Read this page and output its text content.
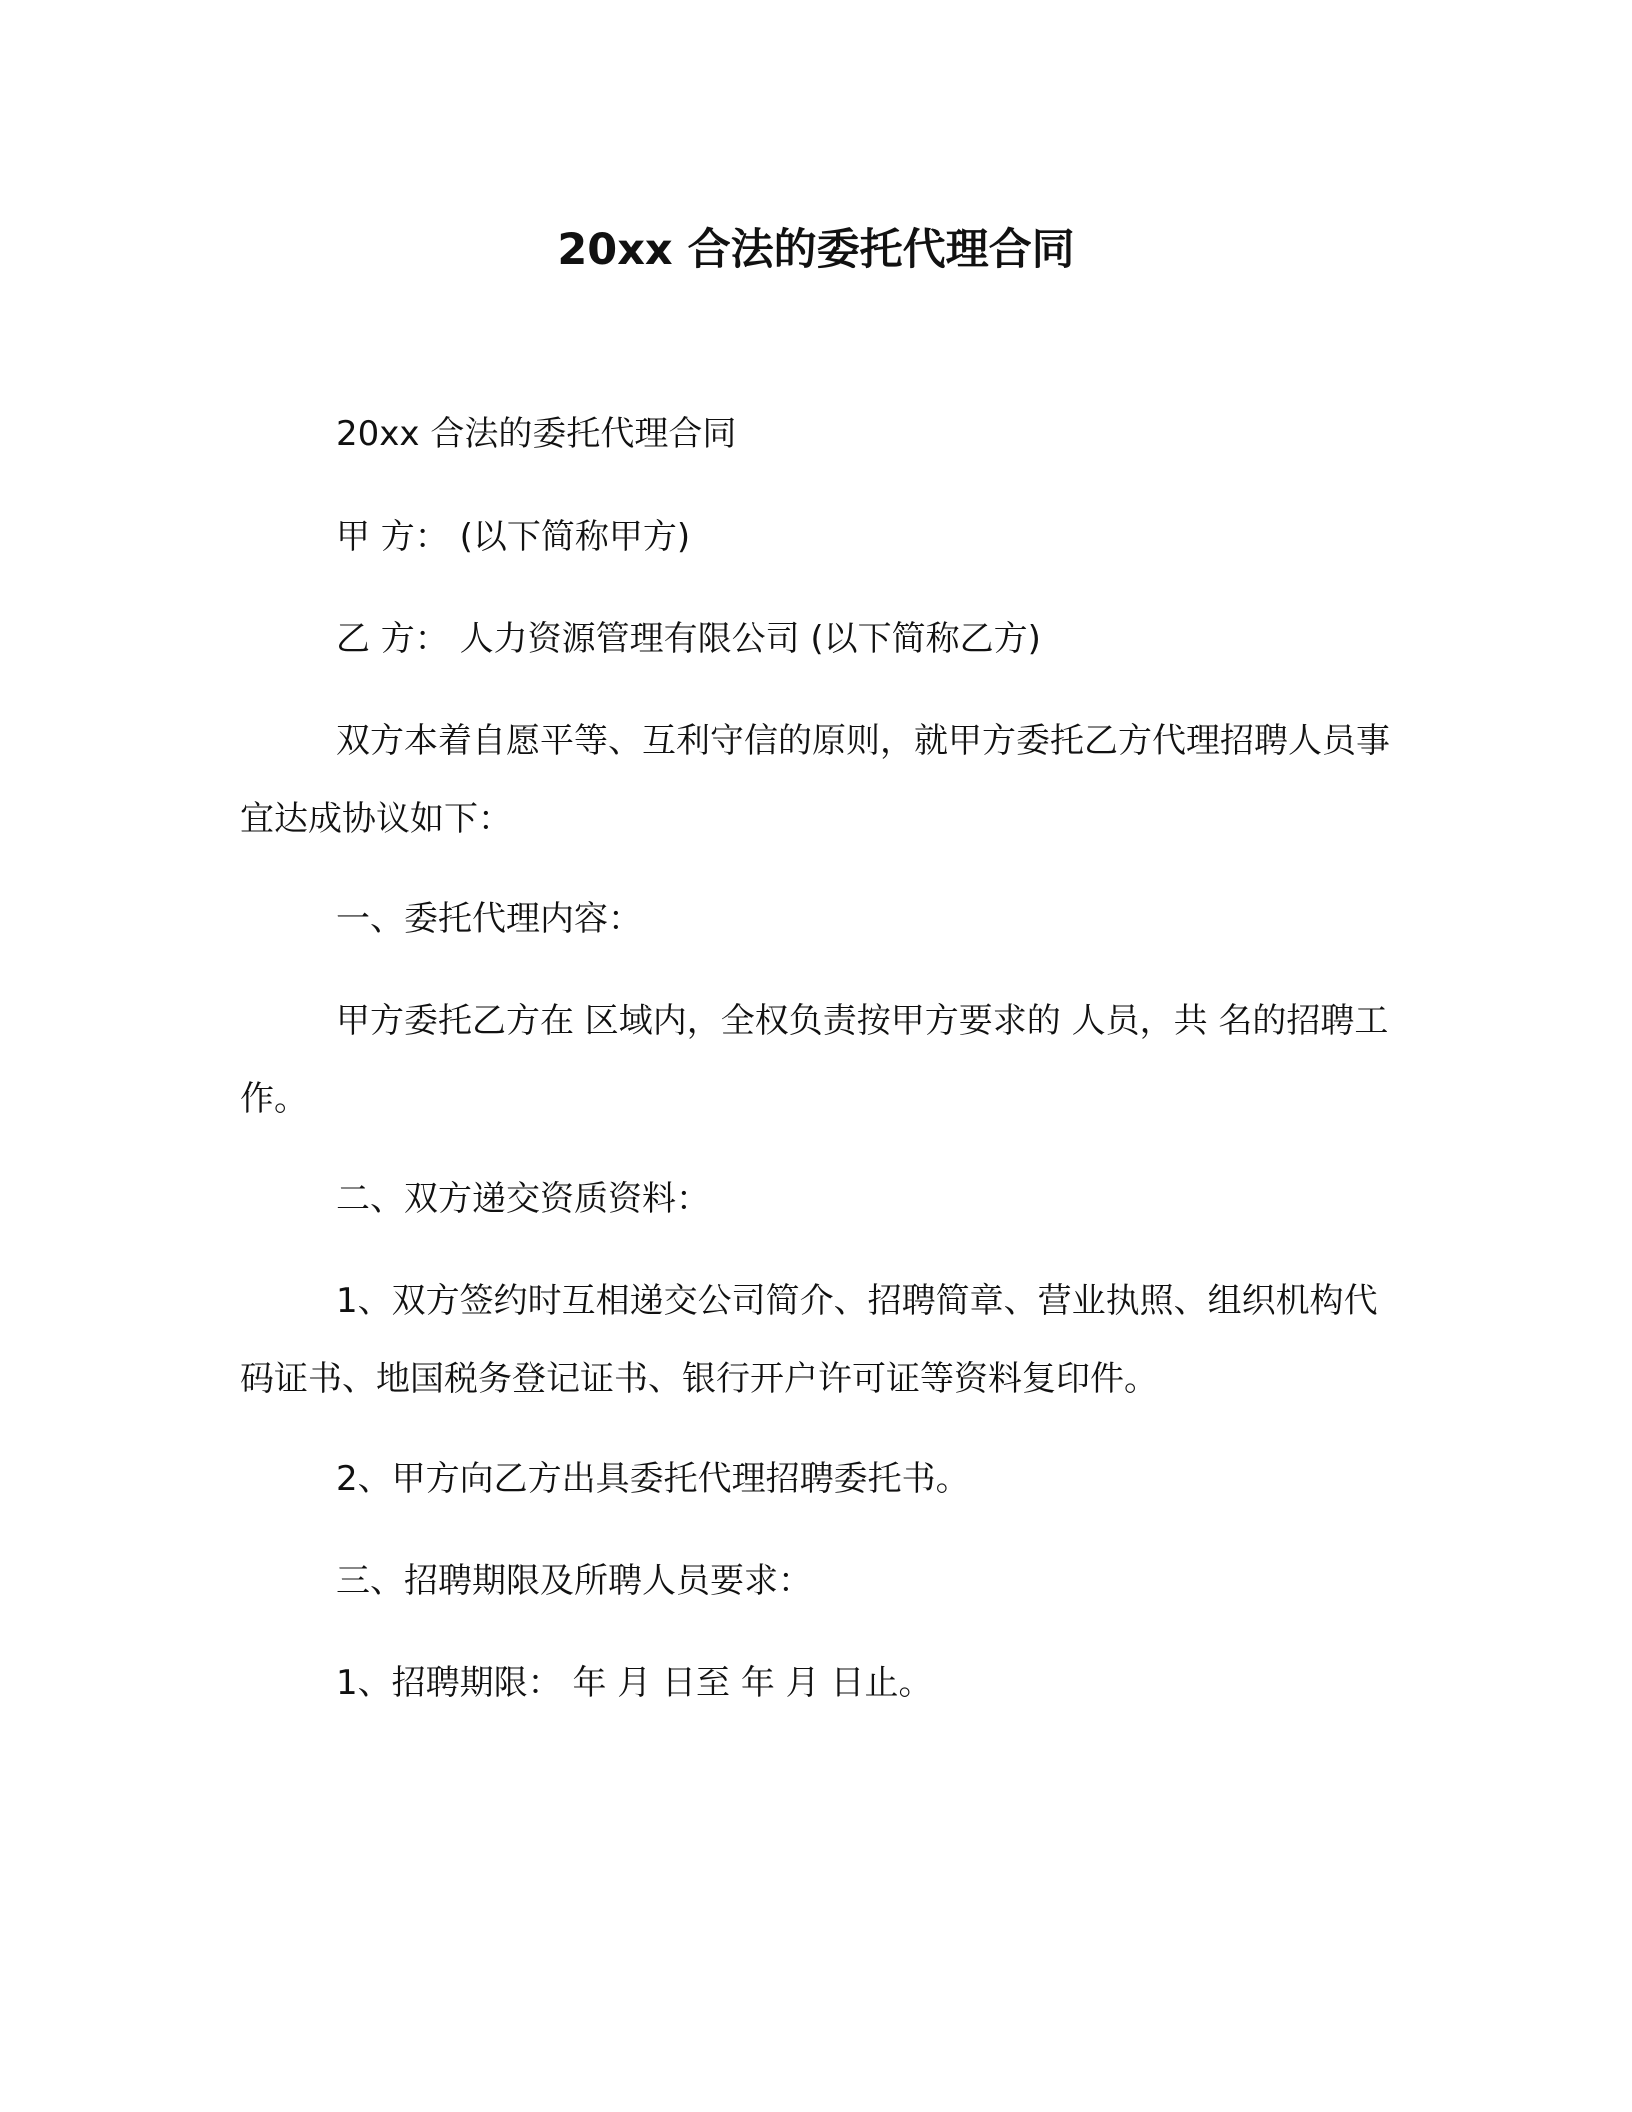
20xx 合法的委托代理合同

20xx 合法的委托代理合同

甲 方： (以下简称甲方)

乙 方： 人力资源管理有限公司 (以下简称乙方)

双方本着自愿平等、互利守信的原则，就甲方委托乙方代理招聘人员事宜达成协议如下：

一、委托代理内容：

甲方委托乙方在 区域内，全权负责按甲方要求的 人员，共 名的招聘工作。

二、双方递交资质资料：

1、双方签约时互相递交公司简介、招聘简章、营业执照、组织机构代码证书、地国税务登记证书、银行开户许可证等资料复印件。

2、甲方向乙方出具委托代理招聘委托书。

三、招聘期限及所聘人员要求：

1、招聘期限： 年 月 日至 年 月 日止。
